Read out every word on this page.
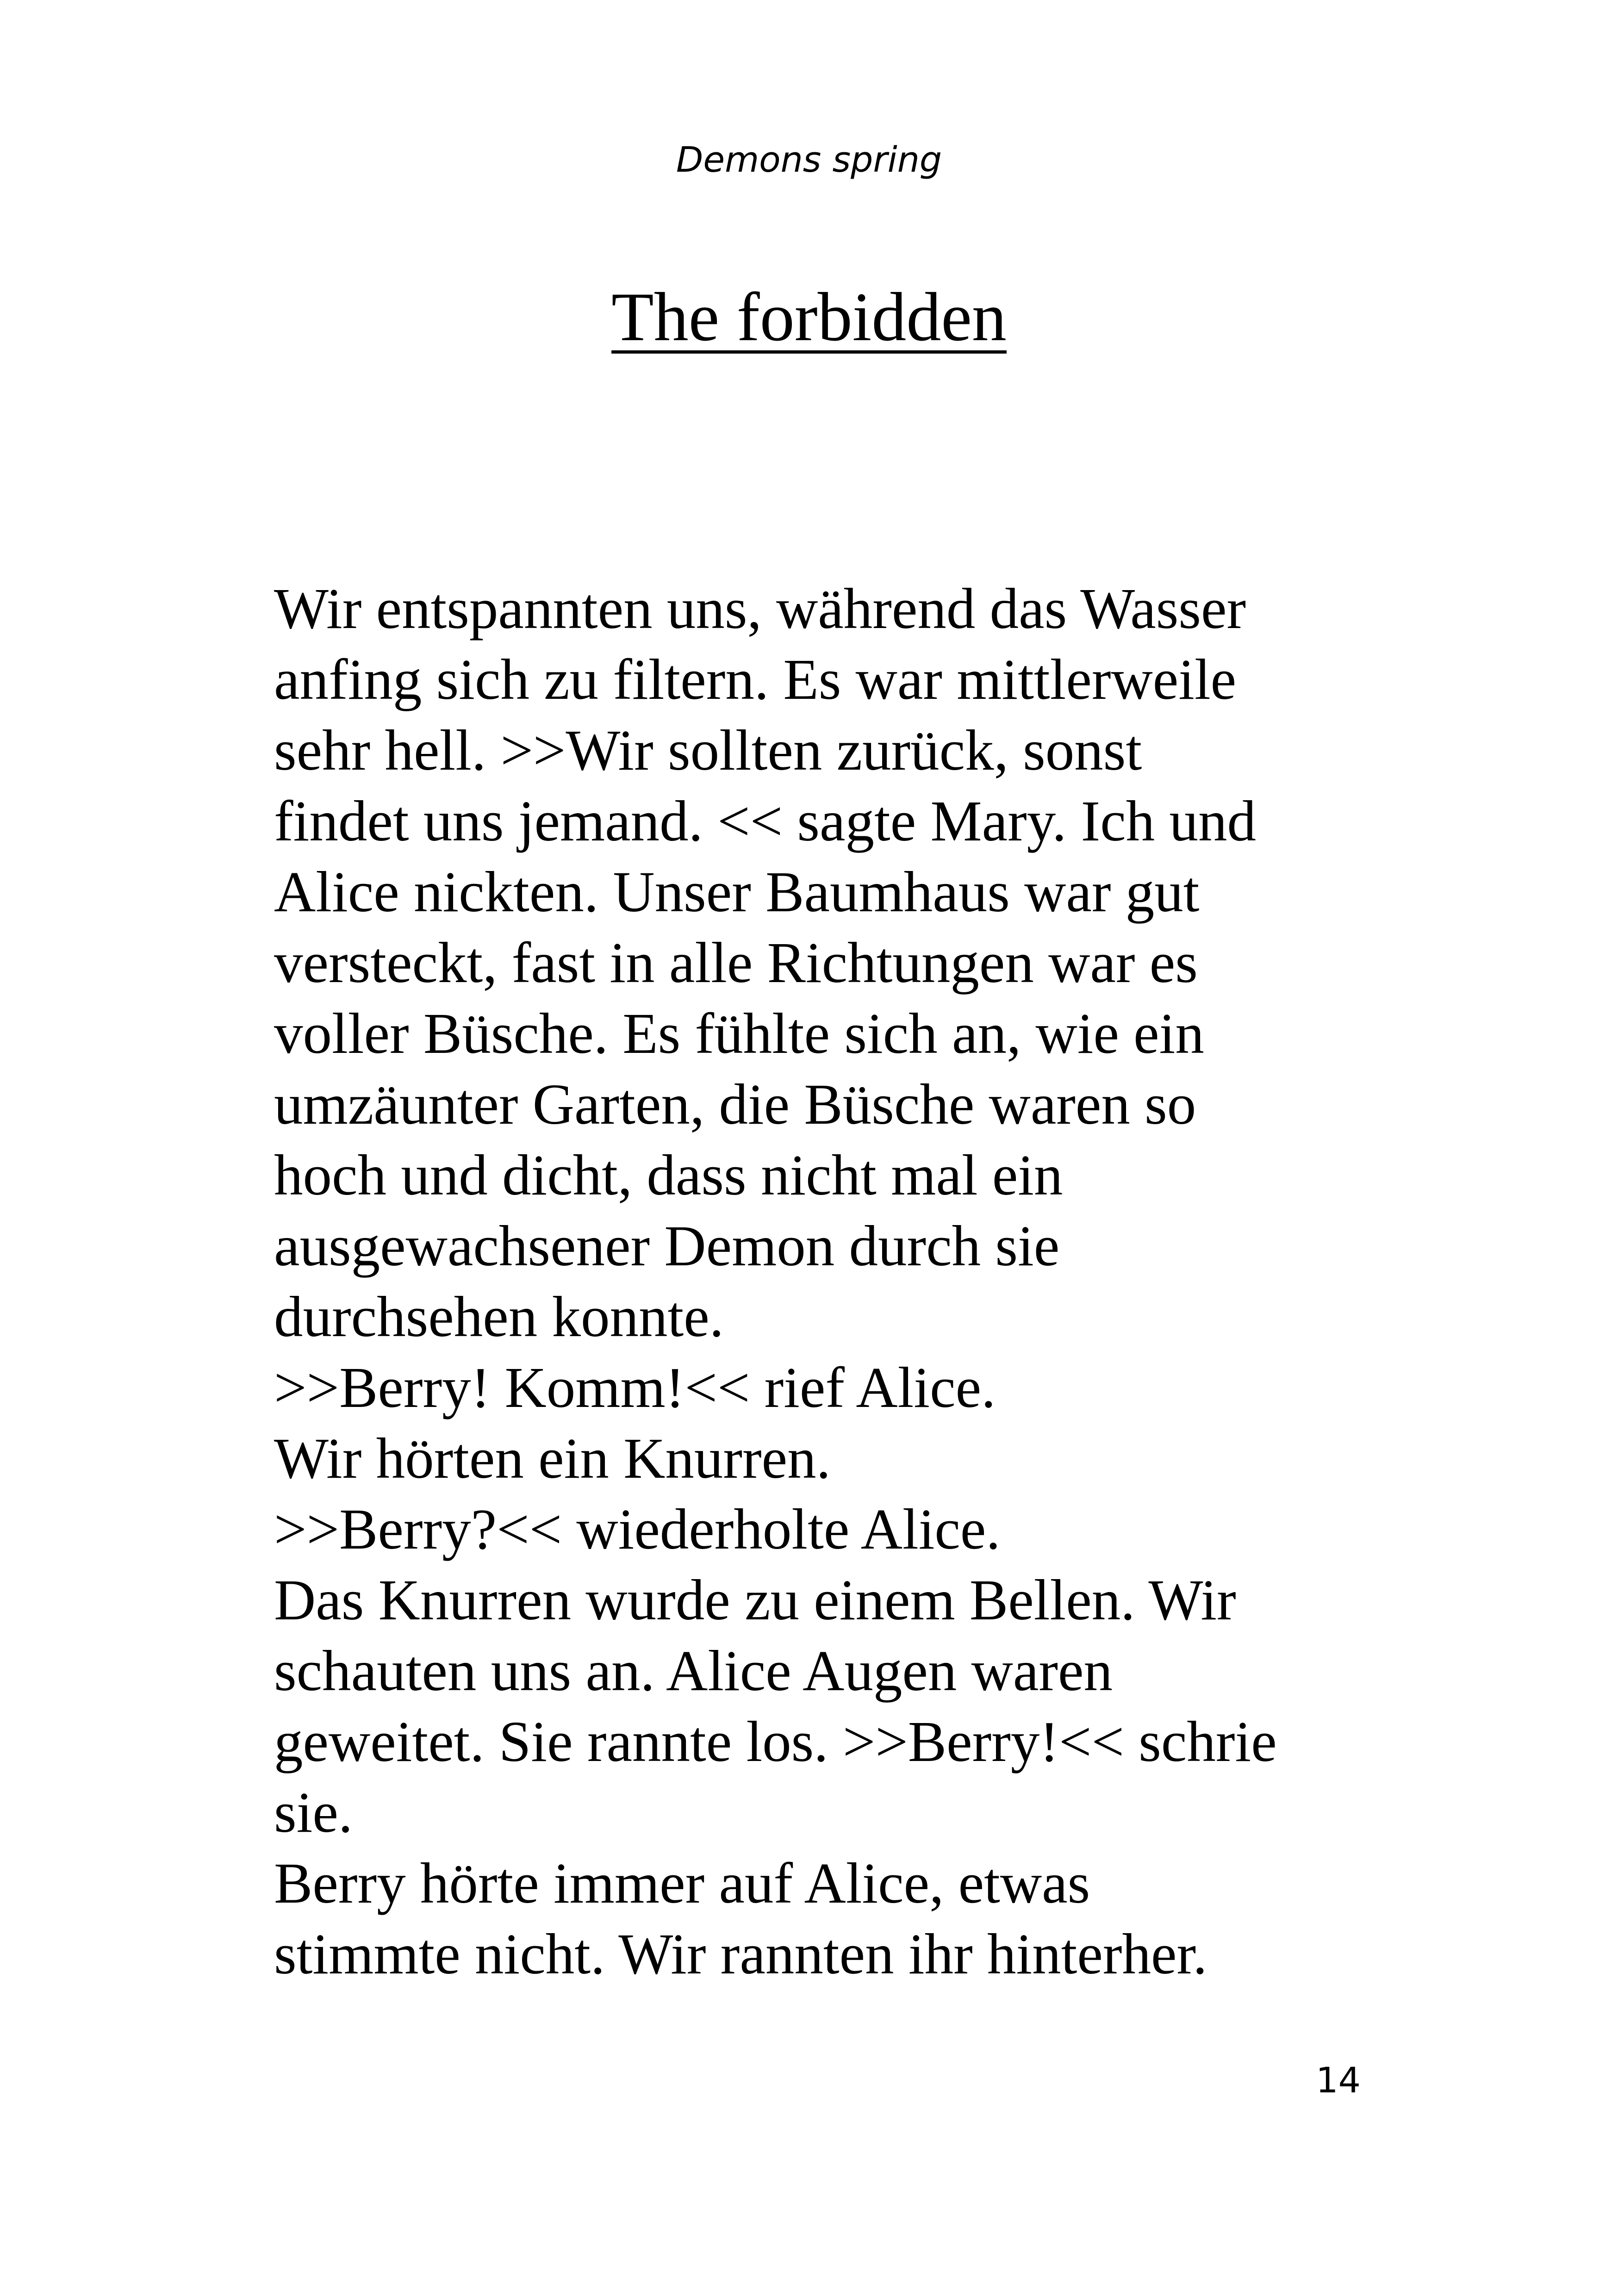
Demons spring
The forbidden
Wir entspannten uns, während das Wasser
anfing sich zu filtern. Es war mittlerweile
sehr hell. >>Wir sollten zurück, sonst
findet uns jemand. << sagte Mary. Ich und
Alice nickten. Unser Baumhaus war gut
versteckt, fast in alle Richtungen war es
voller Büsche. Es fühlte sich an, wie ein
umzäunter Garten, die Büsche waren so
hoch und dicht, dass nicht mal ein
ausgewachsener Demon durch sie
durchsehen konnte.
>>Berry! Komm!<< rief Alice.
Wir hörten ein Knurren.
>>Berry?<< wiederholte Alice.
Das Knurren wurde zu einem Bellen. Wir
schauten uns an. Alice Augen waren
geweitet. Sie rannte los. >>Berry!<< schrie
sie.
Berry hörte immer auf Alice, etwas
stimmte nicht. Wir rannten ihr hinterher.
14
